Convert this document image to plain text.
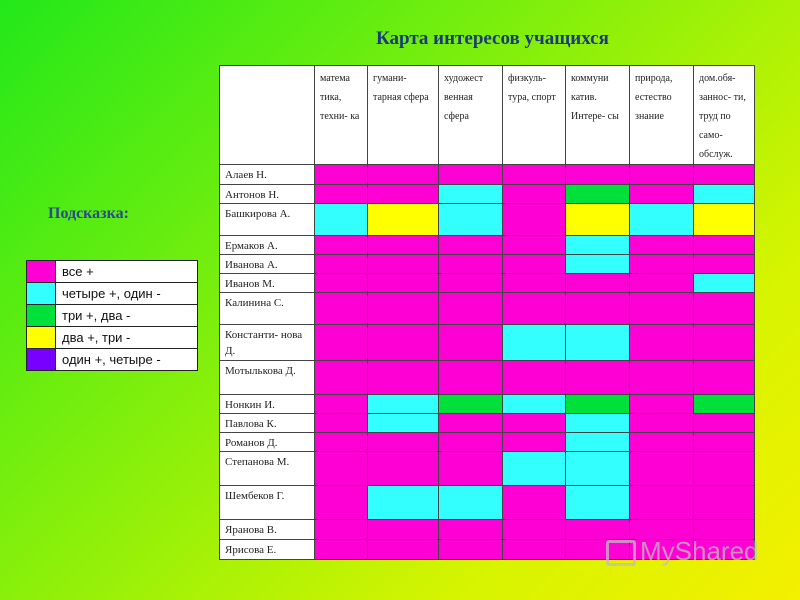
Карта интересов учащихся
Подсказка:
	все +
	четыре +, один -
	три +, два -
	два +, три -
	один +, четыре -
	матема тика, техни- ка	гумани- тарная сфера	художест венная сфера	физкуль- тура, спорт	коммуни катив. Интере- сы	природа, естество знание	дом.обя- заннос- ти, труд по само- обслуж.
Алаев Н.							
Антонов Н.							
Башкирова А.							
Ермаков А.							
Иванова А.							
Иванов М.							
Калинина С.							
Константи- нова Д.							
Мотылькова Д.							
Нонкин И.							
Павлова К.							
Романов Д.							
Степанова М.							
Шембеков Г.							
Яранова В.							
Ярисова Е.								MyShared
